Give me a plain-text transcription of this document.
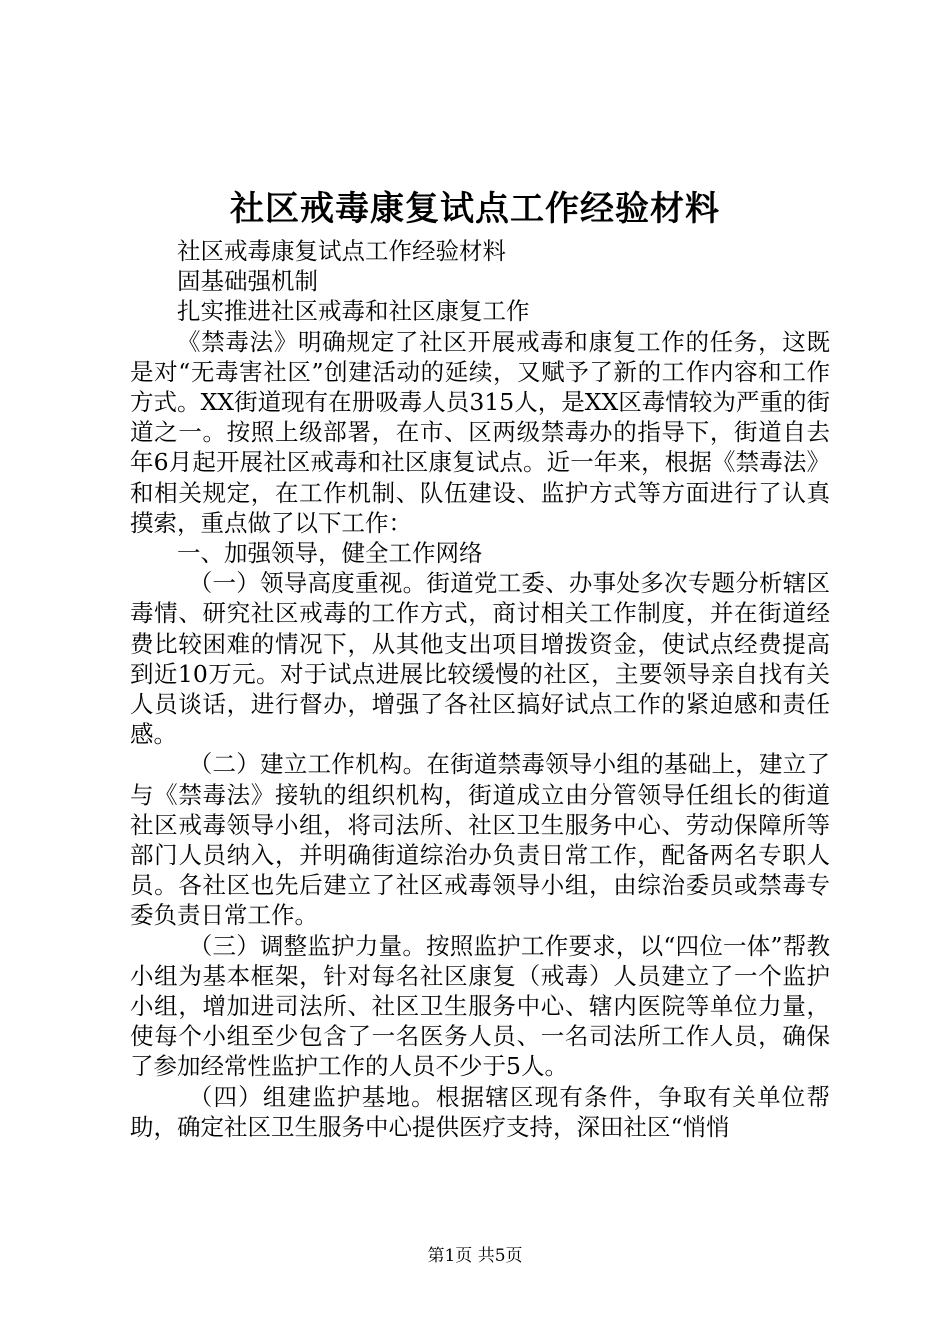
社区戒毒康复试点工作经验材料

社区戒毒康复试点工作经验材料

固基础强机制

扎实推进社区戒毒和社区康复工作

《禁毒法》明确规定了社区开展戒毒和康复工作的任务，这既是对“无毒害社区”创建活动的延续，又赋予了新的工作内容和工作方式。XX街道现有在册吸毒人员315人，是XX区毒情较为严重的街道之一。按照上级部署，在市、区两级禁毒办的指导下，街道自去年6月起开展社区戒毒和社区康复试点。近一年来，根据《禁毒法》和相关规定，在工作机制、队伍建设、监护方式等方面进行了认真摸索，重点做了以下工作：

一、加强领导，健全工作网络

（一）领导高度重视。街道党工委、办事处多次专题分析辖区毒情、研究社区戒毒的工作方式，商讨相关工作制度，并在街道经费比较困难的情况下，从其他支出项目增拨资金，使试点经费提高到近10万元。对于试点进展比较缓慢的社区，主要领导亲自找有关人员谈话，进行督办，增强了各社区搞好试点工作的紧迫感和责任感。

（二）建立工作机构。在街道禁毒领导小组的基础上，建立了与《禁毒法》接轨的组织机构，街道成立由分管领导任组长的街道社区戒毒领导小组，将司法所、社区卫生服务中心、劳动保障所等部门人员纳入，并明确街道综治办负责日常工作，配备两名专职人员。各社区也先后建立了社区戒毒领导小组，由综治委员或禁毒专委负责日常工作。

（三）调整监护力量。按照监护工作要求，以“四位一体”帮教小组为基本框架，针对每名社区康复（戒毒）人员建立了一个监护小组，增加进司法所、社区卫生服务中心、辖内医院等单位力量，使每个小组至少包含了一名医务人员、一名司法所工作人员，确保了参加经常性监护工作的人员不少于5人。

（四）组建监护基地。根据辖区现有条件，争取有关单位帮助，确定社区卫生服务中心提供医疗支持，深田社区“悄悄

第1页 共5页
